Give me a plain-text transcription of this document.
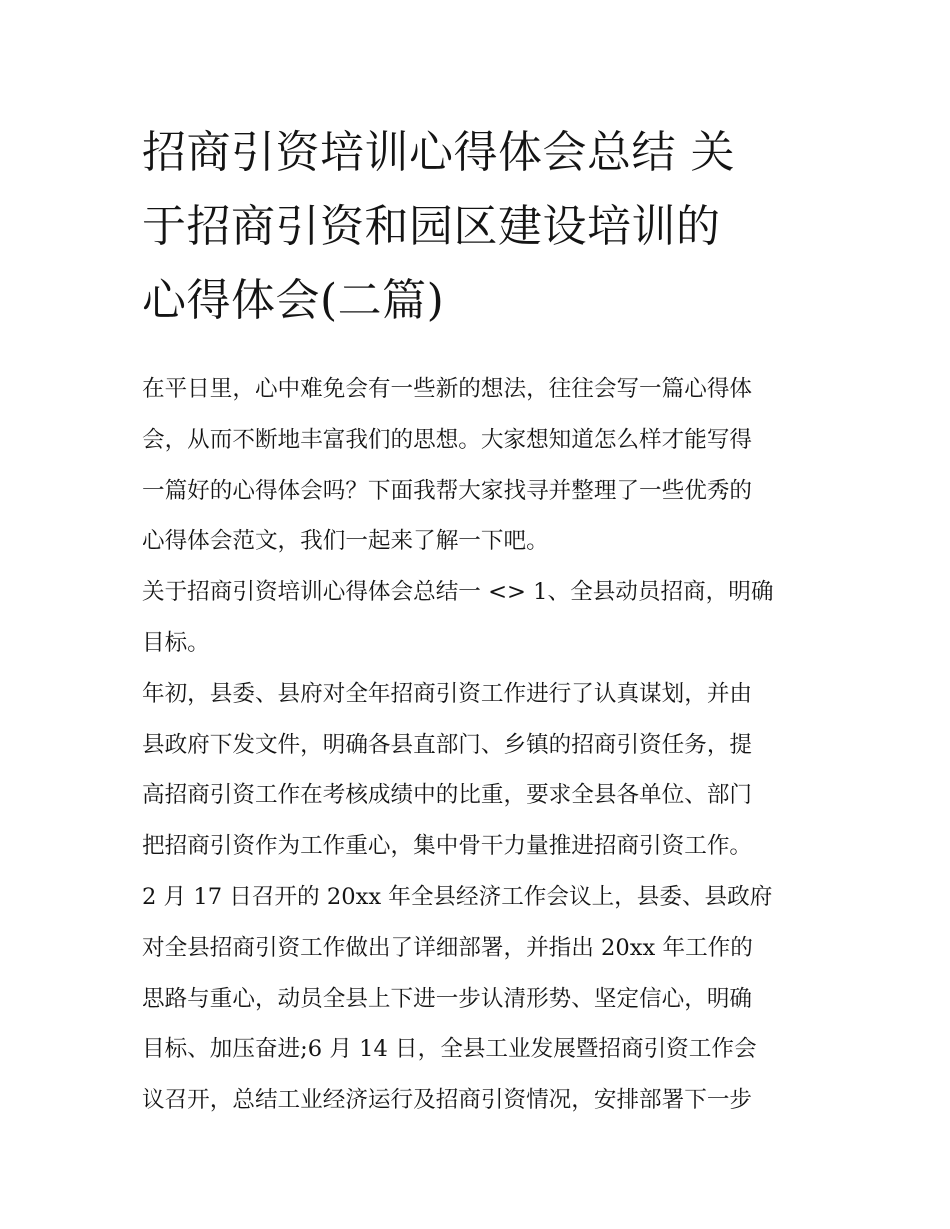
招商引资培训心得体会总结 关
于招商引资和园区建设培训的
心得体会(二篇)
在平日里，心中难免会有一些新的想法，往往会写一篇心得体
会，从而不断地丰富我们的思想。大家想知道怎么样才能写得
一篇好的心得体会吗？下面我帮大家找寻并整理了一些优秀的
心得体会范文，我们一起来了解一下吧。
关于招商引资培训心得体会总结一 <> 1、全县动员招商，明确
目标。
年初，县委、县府对全年招商引资工作进行了认真谋划，并由
县政府下发文件，明确各县直部门、乡镇的招商引资任务，提
高招商引资工作在考核成绩中的比重，要求全县各单位、部门
把招商引资作为工作重心，集中骨干力量推进招商引资工作。
2 月 17 日召开的 20xx 年全县经济工作会议上，县委、县政府
对全县招商引资工作做出了详细部署，并指出 20xx 年工作的
思路与重心，动员全县上下进一步认清形势、坚定信心，明确
目标、加压奋进;6 月 14 日，全县工业发展暨招商引资工作会
议召开，总结工业经济运行及招商引资情况，安排部署下一步
